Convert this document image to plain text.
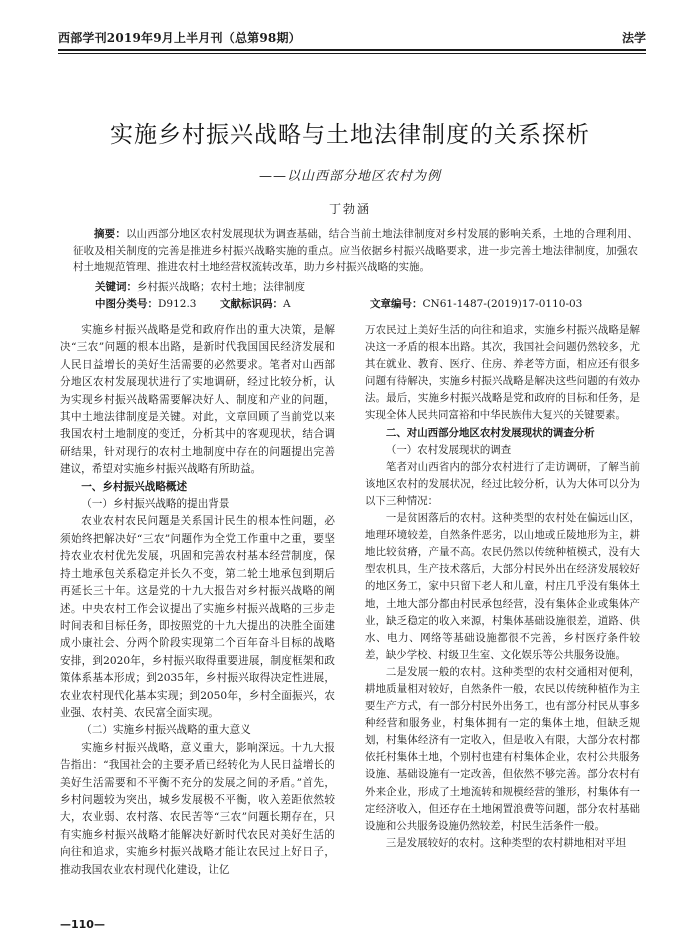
西部学刊2019年9月上半月刊（总第98期）	法学
实施乡村振兴战略与土地法律制度的关系探析
——以山西部分地区农村为例
丁勃涵
摘要：以山西部分地区农村发展现状为调查基础，结合当前土地法律制度对乡村发展的影响关系，土地的合理利用、征收及相关制度的完善是推进乡村振兴战略实施的重点。应当依据乡村振兴战略要求，进一步完善土地法律制度，加强农村土地规范管理、推进农村土地经营权流转改革，助力乡村振兴战略的实施。
关键词：乡村振兴战略；农村土地；法律制度
中图分类号：D912.3 文献标识码：A	文章编号：CN61-1487-(2019)17-0110-03

实施乡村振兴战略是党和政府作出的重大决策，是解决“三农”问题的根本出路，是新时代我国国民经济发展和人民日益增长的美好生活需要的必然要求。笔者对山西部分地区农村发展现状进行了实地调研，经过比较分析，认为实现乡村振兴战略需要解决好人、制度和产业的问题，其中土地法律制度是关键。对此，文章回顾了当前党以来我国农村土地制度的变迁，分析其中的客观现状，结合调研结果，针对现行的农村土地制度中存在的问题提出完善建议，希望对实施乡村振兴战略有所助益。

一、乡村振兴战略概述
（一）乡村振兴战略的提出背景

农业农村农民问题是关系国计民生的根本性问题，必须始终把解决好“三农”问题作为全党工作重中之重，要坚持农业农村优先发展，巩固和完善农村基本经营制度，保持土地承包关系稳定并长久不变，第二轮土地承包到期后再延长三十年。这是党的十九大报告对乡村振兴战略的阐述。中央农村工作会议提出了实施乡村振兴战略的三步走时间表和目标任务，即按照党的十九大提出的决胜全面建成小康社会、分两个阶段实现第二个百年奋斗目标的战略安排，到2020年，乡村振兴取得重要进展，制度框架和政策体系基本形成；到2035年，乡村振兴取得决定性进展，农业农村现代化基本实现；到2050年，乡村全面振兴，农业强、农村美、农民富全面实现。

（二）实施乡村振兴战略的重大意义

实施乡村振兴战略，意义重大，影响深远。十九大报告指出：“我国社会的主要矛盾已经转化为人民日益增长的美好生活需要和不平衡不充分的发展之间的矛盾。”首先，乡村问题较为突出，城乡发展极不平衡，收入差距依然较大，农业弱、农村落、农民苦等“三农”问题长期存在，只有实施乡村振兴战略才能解决好新时代农民对美好生活的向往和追求，实施乡村振兴战略才能让农民过上好日子，推动我国农业农村现代化建设，让亿

万农民过上美好生活的向往和追求，实施乡村振兴战略是解决这一矛盾的根本出路。其次，我国社会问题仍然较多，尤其在就业、教育、医疗、住房、养老等方面，相应还有很多问题有待解决，实施乡村振兴战略是解决这些问题的有效办法。最后，实施乡村振兴战略是党和政府的目标和任务，是实现全体人民共同富裕和中华民族伟大复兴的关键要素。

二、对山西部分地区农村发展现状的调查分析
（一）农村发展现状的调查

笔者对山西省内的部分农村进行了走访调研，了解当前该地区农村的发展状况，经过比较分析，认为大体可以分为以下三种情况：

一是贫困落后的农村。这种类型的农村处在偏远山区，地理环境较差，自然条件恶劣，以山地或丘陵地形为主，耕地比较贫瘠，产量不高。农民仍然以传统种植模式，没有大型农机具，生产技术落后，大部分村民外出在经济发展较好的地区务工，家中只留下老人和儿童，村庄几乎没有集体土地，土地大部分都由村民承包经营，没有集体企业或集体产业，缺乏稳定的收入来源，村集体基础设施很差，道路、供水、电力、网络等基础设施都很不完善，乡村医疗条件较差，缺少学校、村级卫生室、文化娱乐等公共服务设施。

二是发展一般的农村。这种类型的农村交通相对便利，耕地质量相对较好，自然条件一般，农民以传统种植作为主要生产方式，有一部分村民外出务工，也有部分村民从事多种经营和服务业，村集体拥有一定的集体土地，但缺乏规划，村集体经济有一定收入，但是收入有限，大部分农村都依托村集体土地，个别村也建有村集体企业，农村公共服务设施、基础设施有一定改善，但依然不够完善。部分农村有外来企业，形成了土地流转和规模经营的雏形，村集体有一定经济收入，但还存在土地闲置浪费等问题，部分农村基础设施和公共服务设施仍然较差，村民生活条件一般。

三是发展较好的农村。这种类型的农村耕地相对平坦

—110—
